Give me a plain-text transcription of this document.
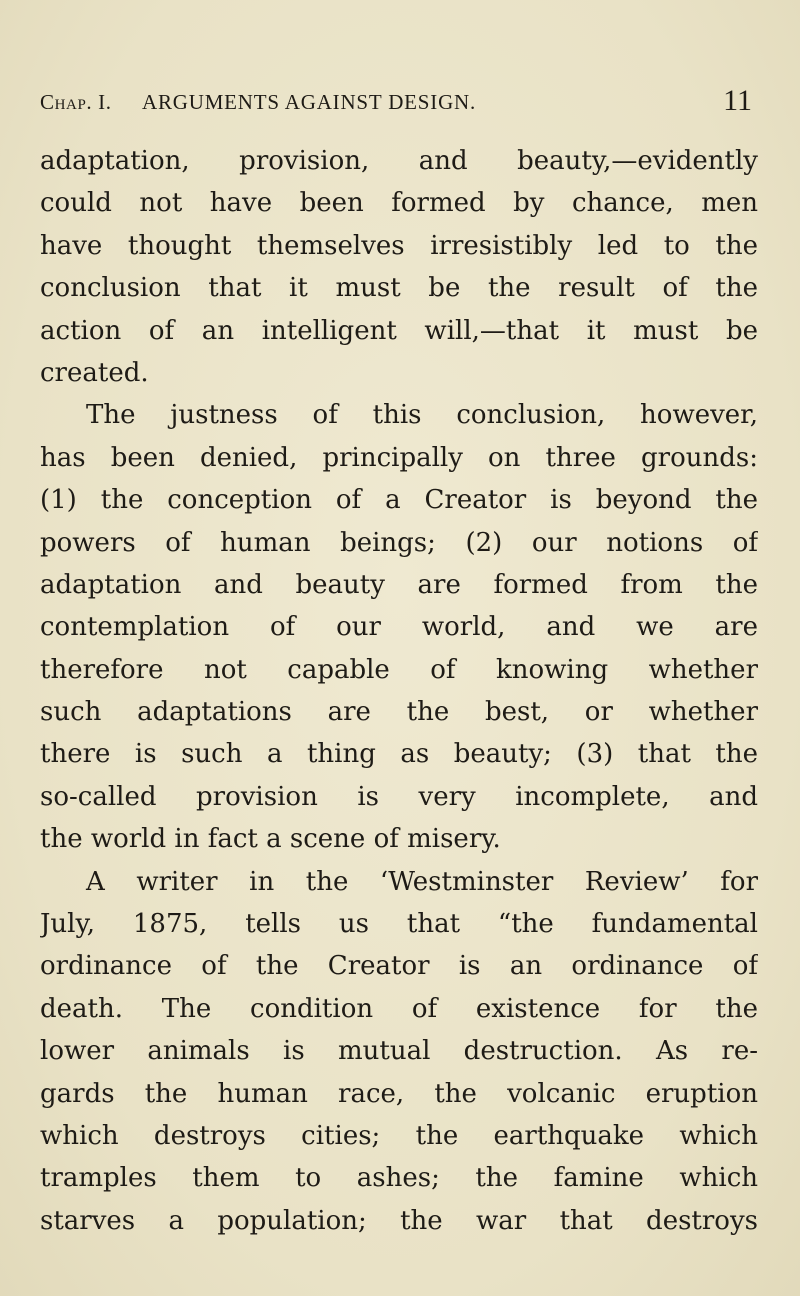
Chap. I. ARGUMENTS AGAINST DESIGN.	11
adaptation, provision, and beauty,—evidently
could not have been formed by chance, men
have thought themselves irresistibly led to the
conclusion that it must be the result of the
action of an intelligent will,—that it must be
created.
The justness of this conclusion, however,
has been denied, principally on three grounds:
(1) the conception of a Creator is beyond the
powers of human beings; (2) our notions of
adaptation and beauty are formed from the
contemplation of our world, and we are
therefore not capable of knowing whether
such adaptations are the best, or whether
there is such a thing as beauty; (3) that the
so-called provision is very incomplete, and
the world in fact a scene of misery.
A writer in the ‘Westminster Review’ for
July, 1875, tells us that “the fundamental
ordinance of the Creator is an ordinance of
death. The condition of existence for the
lower animals is mutual destruction. As re-
gards the human race, the volcanic eruption
which destroys cities; the earthquake which
tramples them to ashes; the famine which
starves a population; the war that destroys
